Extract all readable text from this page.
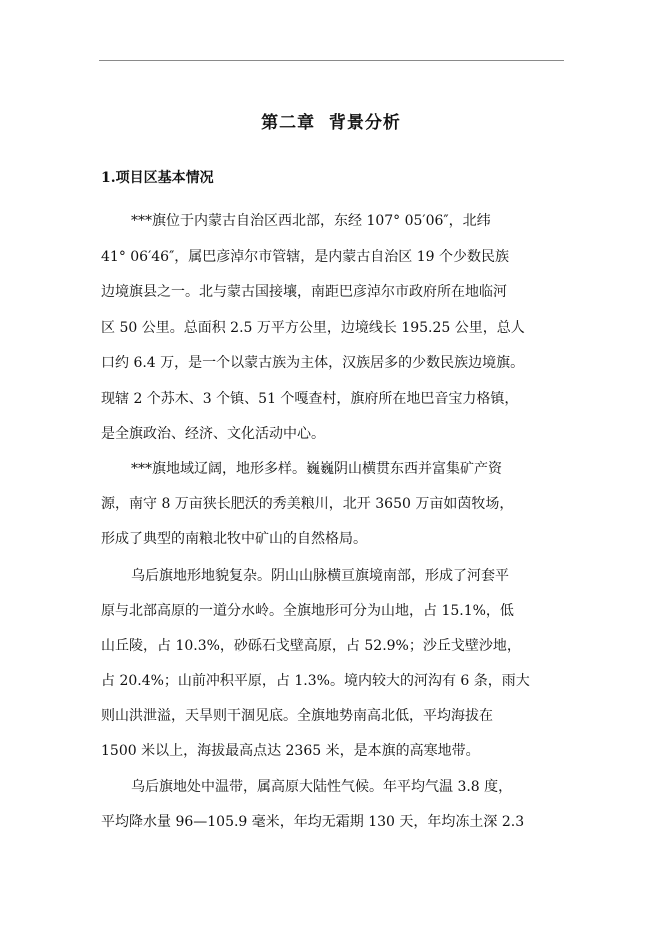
第二章  背景分析
1.项目区基本情况
***旗位于内蒙古自治区西北部，东经 107° 05′06″，北纬
41° 06′46″，属巴彦淖尔市管辖，是内蒙古自治区 19 个少数民族
边境旗县之一。北与蒙古国接壤，南距巴彦淖尔市政府所在地临河
区 50 公里。总面积 2.5 万平方公里，边境线长 195.25 公里，总人
口约 6.4 万，是一个以蒙古族为主体，汉族居多的少数民族边境旗。
现辖 2 个苏木、3 个镇、51 个嘎查村，旗府所在地巴音宝力格镇，
是全旗政治、经济、文化活动中心。
***旗地域辽阔，地形多样。巍巍阴山横贯东西并富集矿产资
源，南守 8 万亩狭长肥沃的秀美粮川，北开 3650 万亩如茵牧场，
形成了典型的南粮北牧中矿山的自然格局。
乌后旗地形地貌复杂。阴山山脉横亘旗境南部，形成了河套平
原与北部高原的一道分水岭。全旗地形可分为山地，占 15.1%，低
山丘陵，占 10.3%，砂砾石戈壁高原，占 52.9%；沙丘戈壁沙地，
占 20.4%；山前冲积平原，占 1.3%。境内较大的河沟有 6 条，雨大
则山洪泄溢，天旱则干涸见底。全旗地势南高北低，平均海拔在
1500 米以上，海拔最高点达 2365 米，是本旗的高寒地带。
乌后旗地处中温带，属高原大陆性气候。年平均气温 3.8 度，
平均降水量 96—105.9 毫米，年均无霜期 130 天，年均冻土深 2.3
